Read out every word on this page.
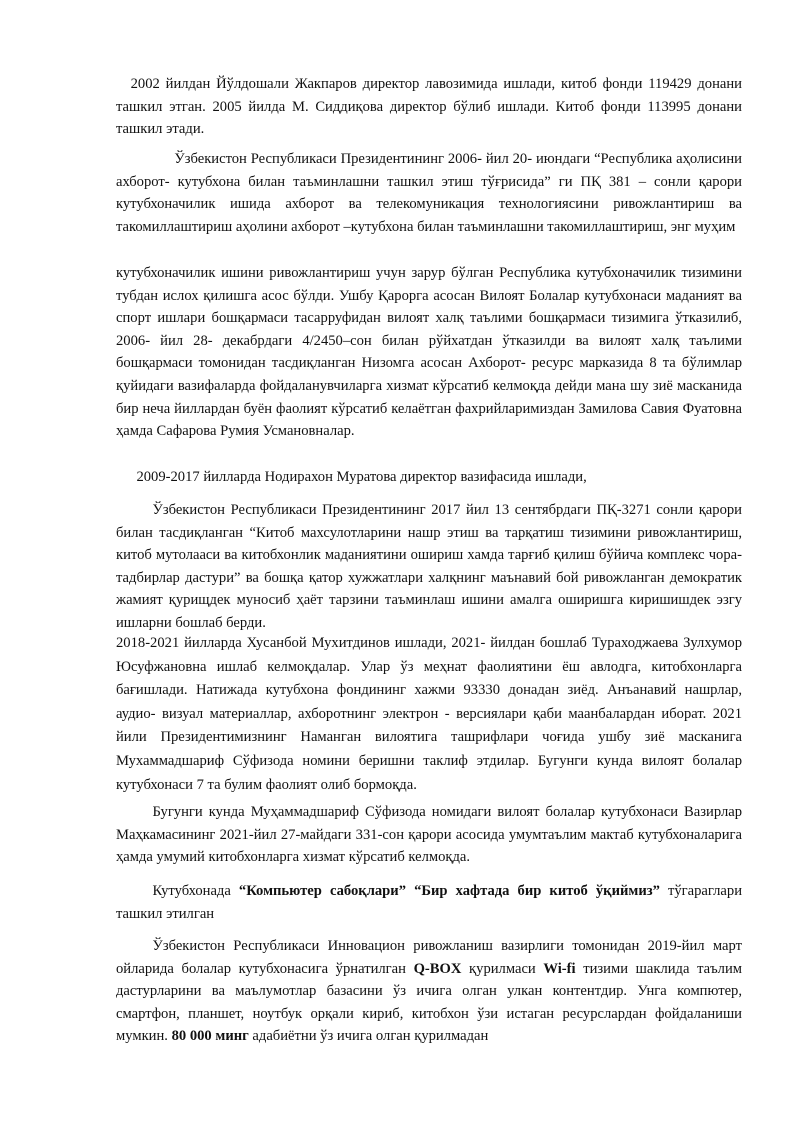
2002 йилдан Йўлдошали Жакпаров директор лавозимида ишлади, китоб фонди 119429 донани ташкил этган. 2005 йилда М. Сиддиқова директор бўлиб ишлади. Китоб фонди 113995 донани ташкил этади.

Ўзбекистон Республикаси Президентининг 2006- йил 20- июндаги “Республика аҳолисини ахборот- кутубхона билан таъминлашни ташкил этиш тўғрисида” ги ПҚ 381 – сонли қарори кутубхоначилик ишида ахборот ва телекомуникация технологиясини ривожлантириш ва такомиллаштириш аҳолини ахборот –кутубхона билан таъминлашни такомиллаштириш, энг муҳим

кутубхоначилик ишини ривожлантириш учун зарур бўлган Республика кутубхоначилик тизимини тубдан ислох қилишга асос бўлди. Ушбу Қарорга асосан Вилоят Болалар кутубхонаси маданият ва спорт ишлари бошқармаси тасарруфидан вилоят халқ таълими бошқармаси тизимига ўтказилиб, 2006- йил 28- декабрдаги 4/2450–сон билан рўйхатдан ўтказилди ва вилоят халқ таълими бошқармаси томонидан тасдиқланган Низомга асосан Ахборот- ресурс марказида 8 та бўлимлар қуйидаги вазифаларда фойдаланувчиларга хизмат кўрсатиб келмоқда дейди мана шу зиё масканида бир неча йиллардан буён фаолият кўрсатиб келаётган фахрийларимиздан Замилова Савия Фуатовна ҳамда Сафарова Румия Усмановналар.

2009-2017 йилларда Нодирахон Муратова директор вазифасида ишлади,

Ўзбекистон Республикаси Президентининг 2017 йил 13 сентябрдаги ПҚ-3271 сонли қарори билан тасдиқланган “Китоб махсулотларини нашр этиш ва тарқатиш тизимини ривожлантириш, китоб мутолааси ва китобхонлик маданиятини ошириш хамда тарғиб қилиш бўйича комплекс чора-тадбирлар дастури” ва бошқа қатор хужжатлари халқнинг маънавий бой ривожланган демократик жамият қурищдек муносиб ҳаёт тарзини таъминлаш ишини амалга оширишга киришишдек эзгу ишларни бошлаб берди.

2018-2021 йилларда Хусанбой Мухитдинов ишлади, 2021- йилдан бошлаб Тураходжаева Зулхумор Юсуфжановна ишлаб келмоқдалар. Улар ўз меҳнат фаолиятини ёш авлодга, китобхонларга бағишлади. Натижада кутубхона фондининг хажми 93330 донадан зиёд. Анъанавий нашрлар, аудио- визуал материаллар, ахборотнинг электрон - версиялари қаби маанбалардан иборат. 2021 йили Президентимизнинг Наманган вилоятига ташрифлари чоғида ушбу зиё масканига Мухаммадшариф Сўфизода номини беришни таклиф этдилар. Бугунги кунда вилоят болалар кутубхонаси 7 та булим фаолият олиб бормоқда.

Бугунги кунда Муҳаммадшариф Сўфизода номидаги вилоят болалар кутубхонаси Вазирлар Маҳкамасининг 2021-йил 27-майдаги 331-сон қарори асосида умумтаълим мактаб кутубхоналарига ҳамда умумий китобхонларга хизмат кўрсатиб келмоқда.

Кутубхонада “Компьютер сабоқлари” “Бир хафтада бир китоб ўқиймиз” тўгараглари ташкил этилган

Ўзбекистон Республикаси Инновацион ривожланиш вазирлиги томонидан 2019-йил март ойларида болалар кутубхонасига ўрнатилган Q-BOX қурилмаси Wi-fi тизими шаклида таълим дастурларини ва маълумотлар базасини ўз ичига олган улкан контентдир. Унга компютер, смартфон, планшет, ноутбук орқали кириб, китобхон ўзи истаган ресурслардан фойдаланиши мумкин. 80 000 минг адабиётни ўз ичига олган қурилмадан
